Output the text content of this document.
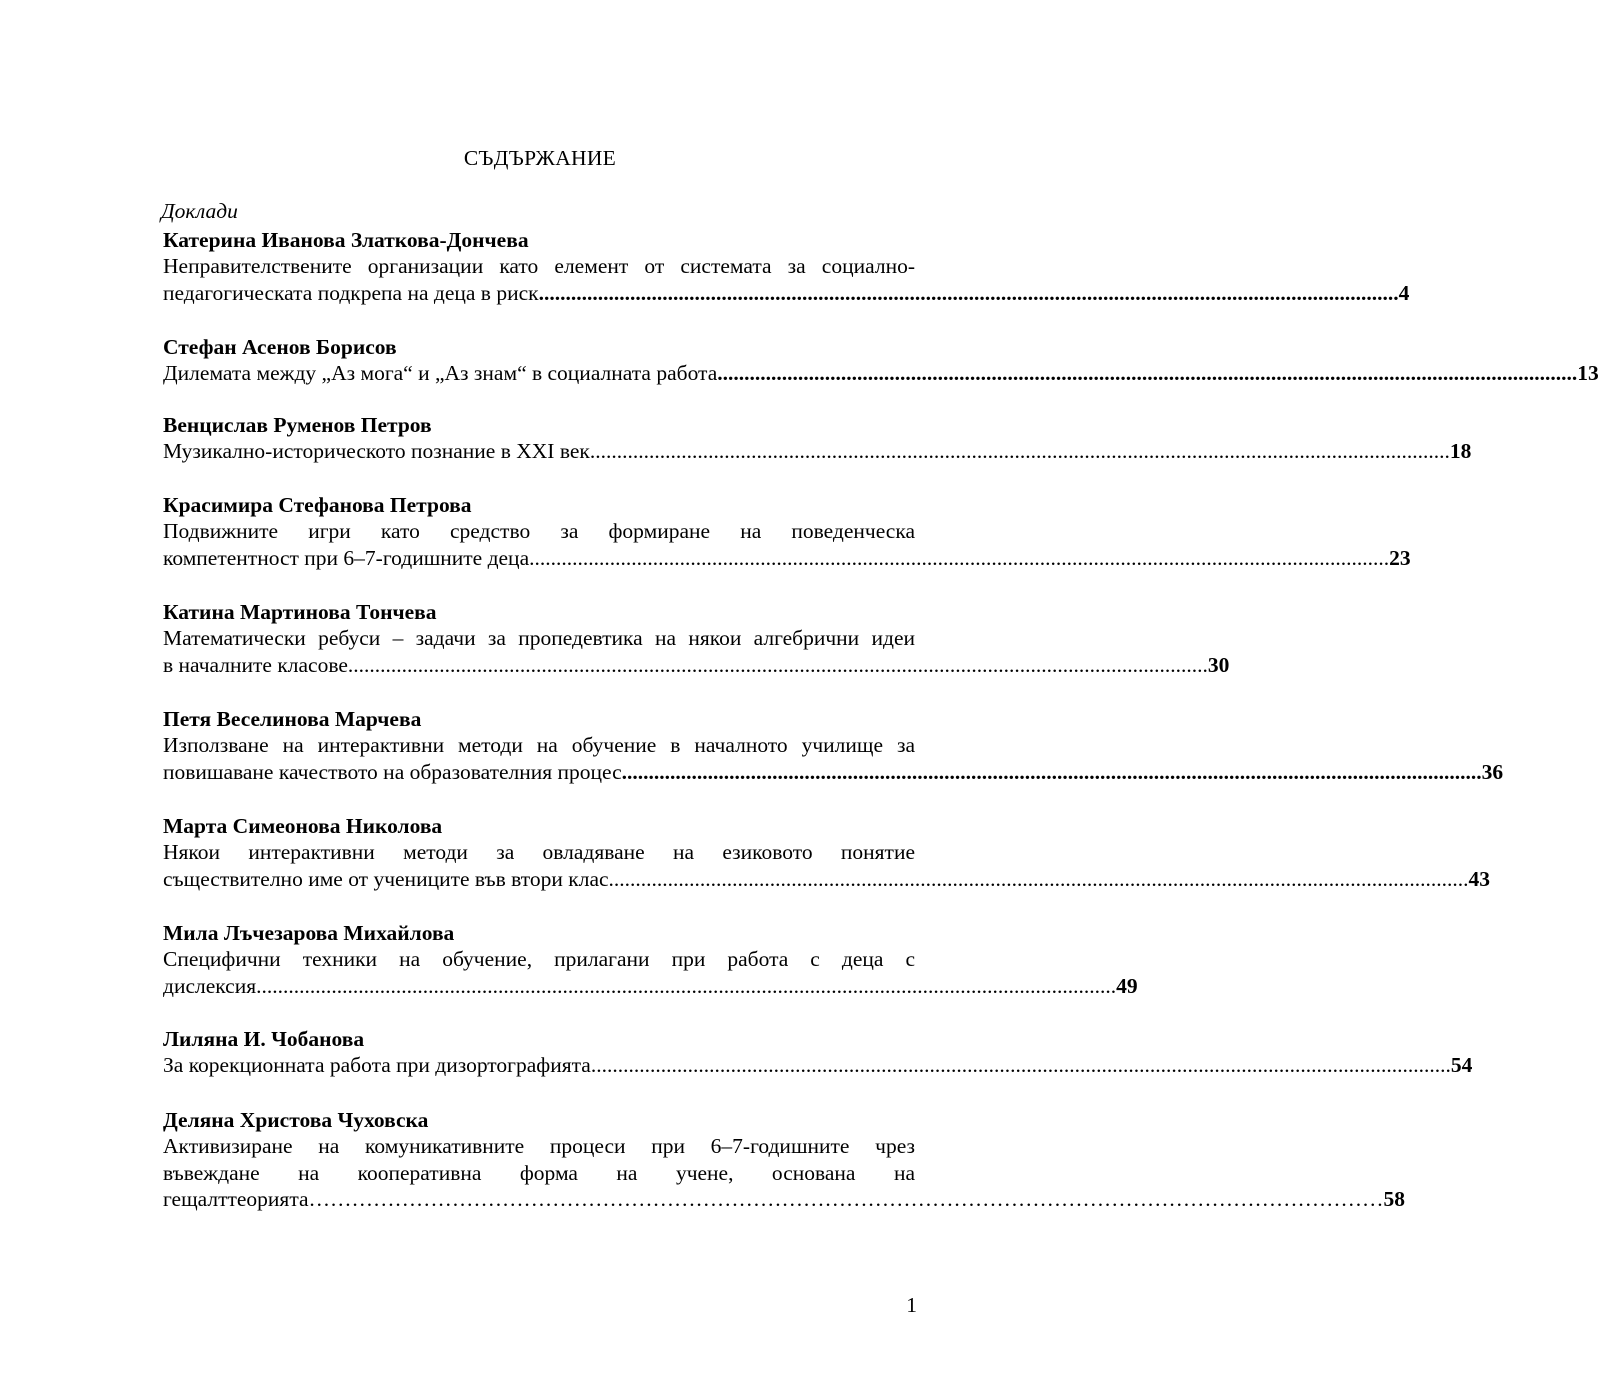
СЪДЪРЖАНИЕ
Доклади
Катерина Иванова Златкова-Дончева
Неправителствените организации като елемент от системата за социално-
педагогическата подкрепа на деца в риск ................................................................................................................................................................ 4
Стефан Асенов Борисов
Дилемата между „Аз мога“ и „Аз знам“ в социалната работа ................................................................................................................................................................ 13
Венцислав Руменов Петров
Музикално-историческото познание в XXI век ................................................................................................................................................................ 18
Красимира Стефанова Петрова
Подвижните игри като средство за формиране на поведенческа
компетентност при 6–7-годишните деца ................................................................................................................................................................ 23
Катина Мартинова Тончева
Математически ребуси – задачи за пропедевтика на някои алгебрични идеи
в началните класове ................................................................................................................................................................ 30
Петя Веселинова Марчева
Използване на интерактивни методи на обучение в началното училище за
повишаване качеството на образователния процес ................................................................................................................................................................ 36
Марта Симеонова Николова
Някои интерактивни методи за овладяване на езиковото понятие
съществително име от учениците във втори клас ................................................................................................................................................................ 43
Мила Лъчезарова Михайлова
Специфични техники на обучение, прилагани при работа с деца с
дислексия ................................................................................................................................................................ 49
Лиляна И. Чобанова
За корекционната работа при дизортографията ................................................................................................................................................................ 54
Деляна Христова Чуховска
Активизиране на комуникативните процеси при 6–7-годишните чрез
въвеждане на кооперативна форма на учене, основана на
гещалттеорията …………………………………………………………………………………………………………………………………… 58
1
